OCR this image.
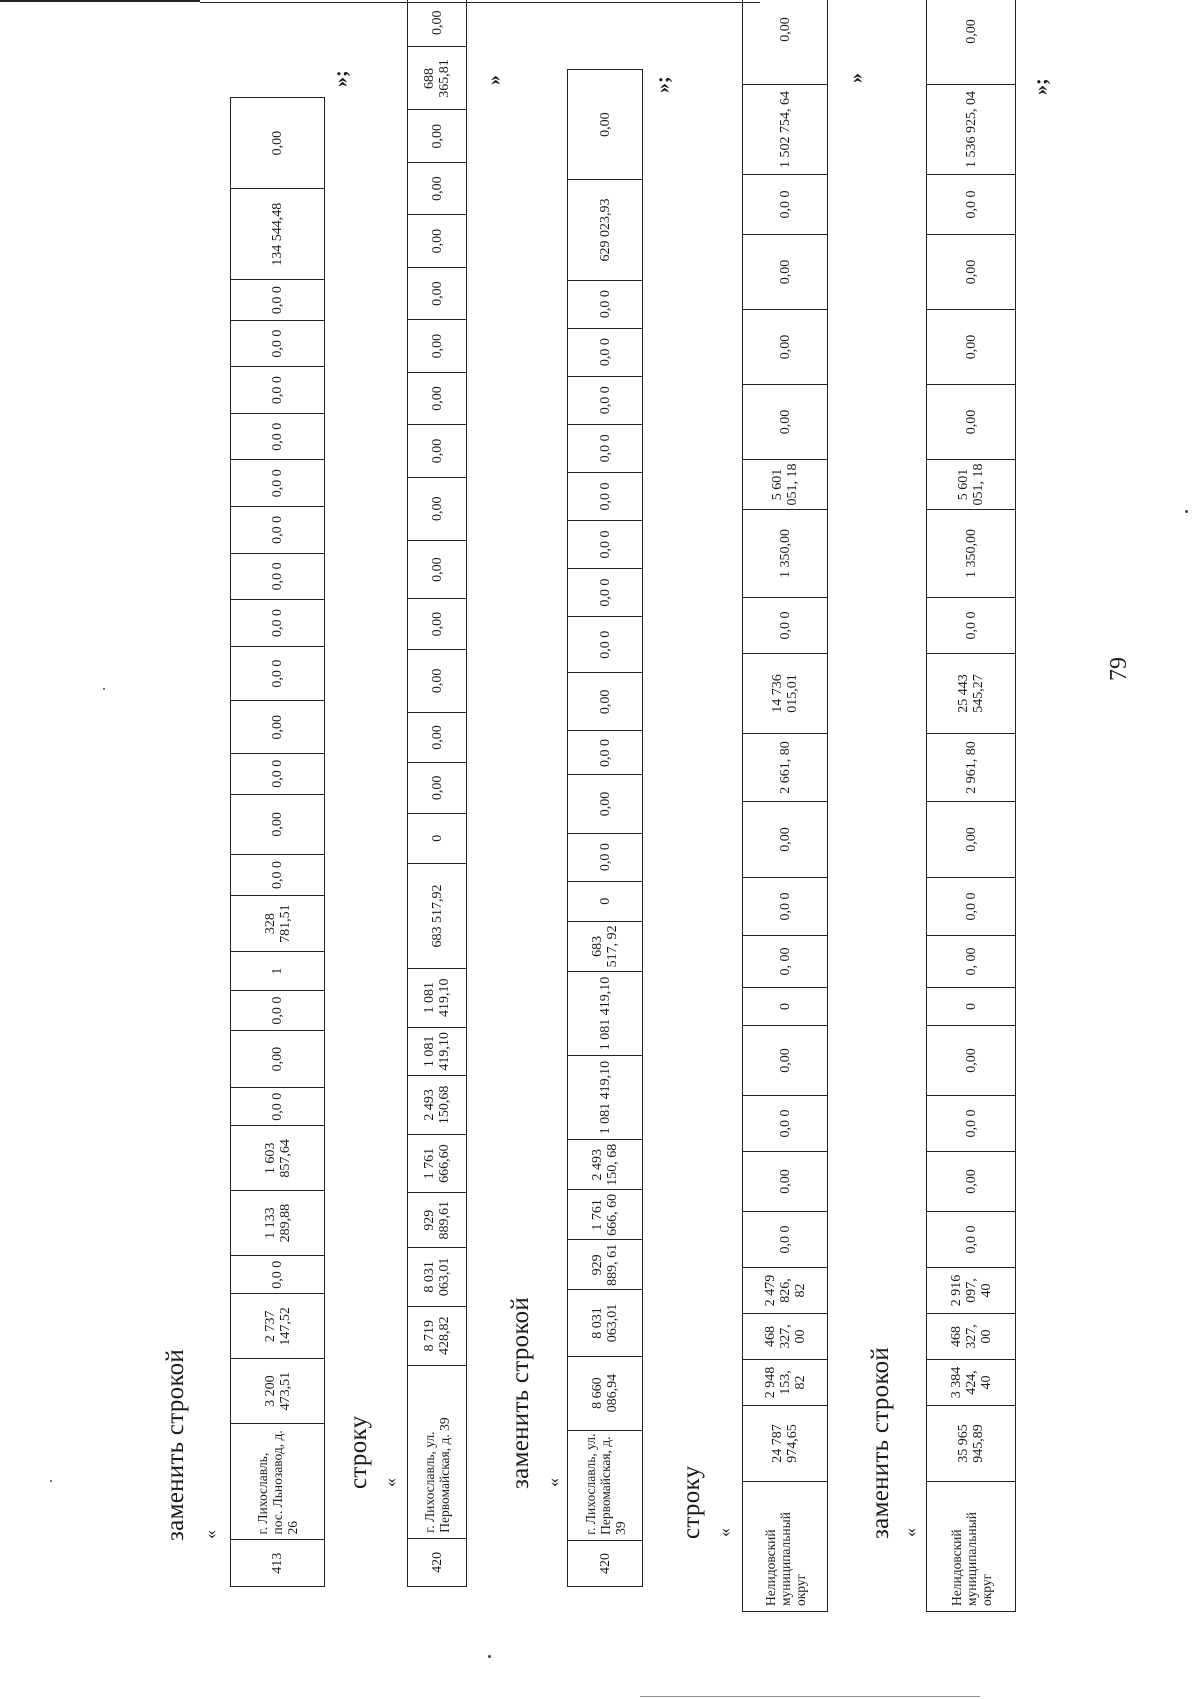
79
заменить строкой «
413	г. Лихославль, пос. Льнозавод, д. 26	3 200 473,51	2 737 147,52	0,0 0	1 133 289,88	1 603 857,64	0,0 0	0,00	0,0 0	1	328 781,51	0,0 0	0,00	0,0 0	0,00	0,0 0	0,0 0	0,0 0	0,0 0	0,0 0	0,0 0	0,0 0	0,0 0	0,0 0	134 544,48	0,00
»;
строку «
420	г. Лихославль, ул. Первомайская, д. 39	8 719 428,82	8 031 063,01	929 889,61	1 761 666,60	2 493 150,68	1 081 419,10	1 081 419,10	683 517,92	0	0,00	0,00	0,00	0,00	0,00	0,00	0,00	0,00	0,00	0,00	0,00	0,00	0,00	688 365,81	0,00
»
заменить строкой «
420	г. Лихославль, ул. Первомайская, д. 39	8 660 086,94	8 031 063,01	929 889, 61	1 761 666, 60	2 493 150, 68	1 081 419,10	1 081 419,10	683 517, 92	0	0,0 0	0,00	0,0 0	0,00	0,0 0	0,0 0	0,0 0	0,0 0	0,0 0	0,0 0	0,0 0	0,0 0	629 023,93	0,00
»;
строку « Нелидовский муниципальный округ	24 787 974,65	2 948 153, 82	468 327, 00	2 479 826, 82	0,0 0	0,00	0,0 0	0,00	0	0, 00	0,0 0	0,00	2 661, 80	14 736 015,01	0,0 0	1 350,00	5 601 051, 18	0,00	0,00	0,00	0,0 0	1 502 754, 64	0,00
»
заменить строкой « Нелидовский муниципальный округ	35 965 945,89	3 384 424, 40	468 327, 00	2 916 097, 40	0,0 0	0,00	0,0 0	0,00	0	0, 00	0,0 0	0,00	2 961, 80	25 443 545,27	0,0 0	1 350,00	5 601 051, 18	0,00	0,00	0,00	0,0 0	1 536 925, 04	0,00
»;
